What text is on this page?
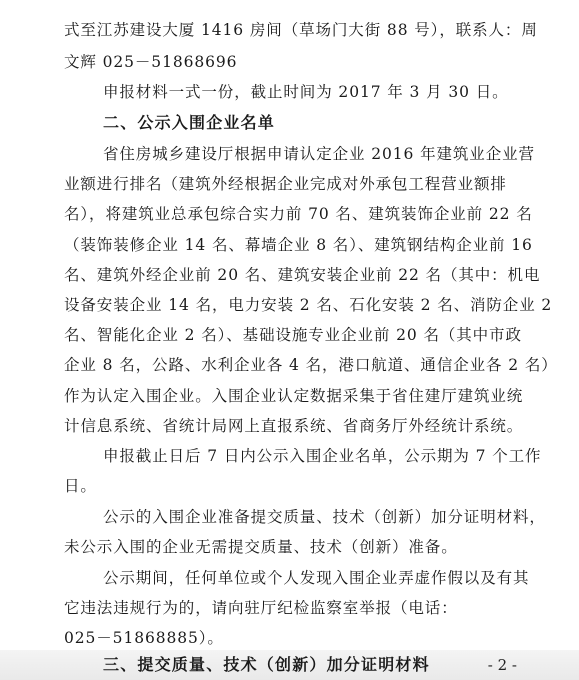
式至江苏建设大厦 1416 房间（草场门大街 88 号），联系人：周
文辉 025－51868696
申报材料一式一份，截止时间为 2017 年 3 月 30 日。
二、公示入围企业名单
省住房城乡建设厅根据申请认定企业 2016 年建筑业企业营
业额进行排名（建筑外经根据企业完成对外承包工程营业额排
名），将建筑业总承包综合实力前 70 名、建筑装饰企业前 22 名
（装饰装修企业 14 名、幕墙企业 8 名）、建筑钢结构企业前 16
名、建筑外经企业前 20 名、建筑安装企业前 22 名（其中：机电
设备安装企业 14 名，电力安装 2 名、石化安装 2 名、消防企业 2
名、智能化企业 2 名）、基础设施专业企业前 20 名（其中市政
企业 8 名，公路、水利企业各 4 名，港口航道、通信企业各 2 名）
作为认定入围企业。入围企业认定数据采集于省住建厅建筑业统
计信息系统、省统计局网上直报系统、省商务厅外经统计系统。
申报截止日后 7 日内公示入围企业名单，公示期为 7 个工作
日。
公示的入围企业准备提交质量、技术（创新）加分证明材料，
未公示入围的企业无需提交质量、技术（创新）准备。
公示期间，任何单位或个人发现入围企业弄虚作假以及有其
它违法违规行为的，请向驻厅纪检监察室举报（电话：
025－51868885）。
三、提交质量、技术（创新）加分证明材料	- 2 -
